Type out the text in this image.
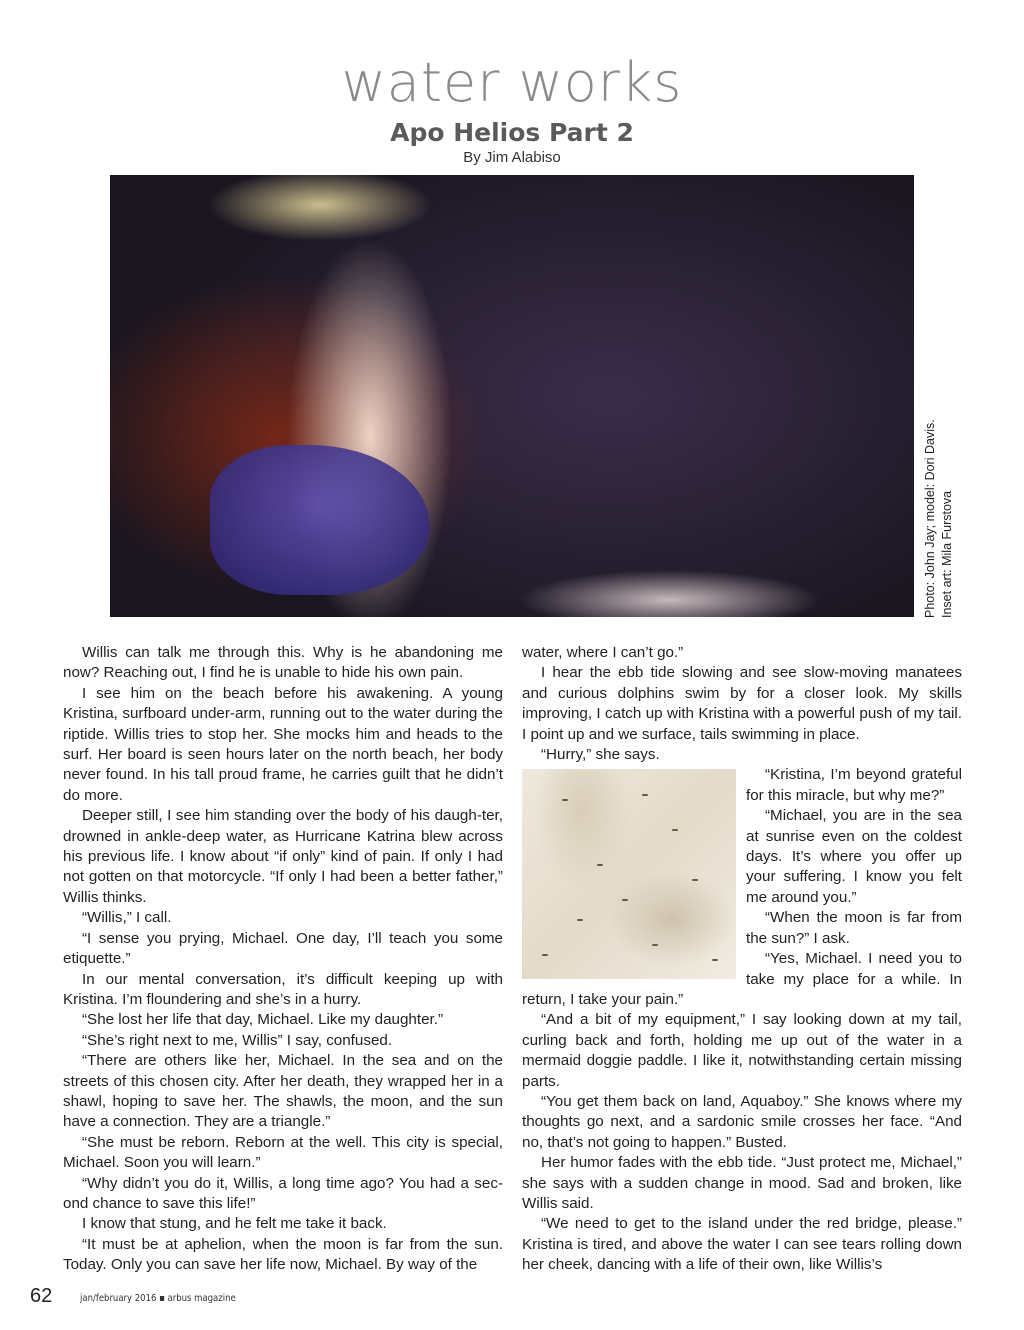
water works
Apo Helios Part 2
By Jim Alabiso
Photo: John Jay; model: Dori Davis. Inset art: Mila Furstova

Willis can talk me through this. Why is he abandoning me now? Reaching out, I find he is unable to hide his own pain.

I see him on the beach before his awakening. A young Kristina, surfboard under-arm, running out to the water during the riptide. Willis tries to stop her. She mocks him and heads to the surf. Her board is seen hours later on the north beach, her body never found. In his tall proud frame, he carries guilt that he didn’t do more.

Deeper still, I see him standing over the body of his daugh-ter, drowned in ankle-deep water, as Hurricane Katrina blew across his previous life. I know about “if only” kind of pain. If only I had not gotten on that motorcycle. “If only I had been a better father,” Willis thinks.

“Willis,” I call.

“I sense you prying, Michael. One day, I’ll teach you some etiquette.”

In our mental conversation, it’s difficult keeping up with Kristina. I’m floundering and she’s in a hurry.

“She lost her life that day, Michael. Like my daughter.”

“She’s right next to me, Willis” I say, confused.

“There are others like her, Michael. In the sea and on the streets of this chosen city. After her death, they wrapped her in a shawl, hoping to save her. The shawls, the moon, and the sun have a connection. They are a triangle.”

“She must be reborn. Reborn at the well. This city is special, Michael. Soon you will learn.”

“Why didn’t you do it, Willis, a long time ago? You had a sec-ond chance to save this life!”

I know that stung, and he felt me take it back.

“It must be at aphelion, when the moon is far from the sun. Today. Only you can save her life now, Michael. By way of the

water, where I can’t go.”

I hear the ebb tide slowing and see slow-moving manatees and curious dolphins swim by for a closer look. My skills improving, I catch up with Kristina with a powerful push of my tail. I point up and we surface, tails swimming in place.

“Hurry,” she says.

“Kristina, I’m beyond grateful for this miracle, but why me?”

“Michael, you are in the sea at sunrise even on the coldest days. It’s where you offer up your suffering. I know you felt me around you.”

“When the moon is far from the sun?” I ask.

“Yes, Michael. I need you to take my place for a while. In return, I take your pain.”

“And a bit of my equipment,” I say looking down at my tail, curling back and forth, holding me up out of the water in a mermaid doggie paddle. I like it, notwithstanding certain missing parts.

“You get them back on land, Aquaboy.” She knows where my thoughts go next, and a sardonic smile crosses her face. “And no, that’s not going to happen.” Busted.

Her humor fades with the ebb tide. “Just protect me, Michael,” she says with a sudden change in mood. Sad and broken, like Willis said.

“We need to get to the island under the red bridge, please.” Kristina is tired, and above the water I can see tears rolling down her cheek, dancing with a life of their own, like Willis’s

62	jan/february 2016 ▪ arbus magazine
